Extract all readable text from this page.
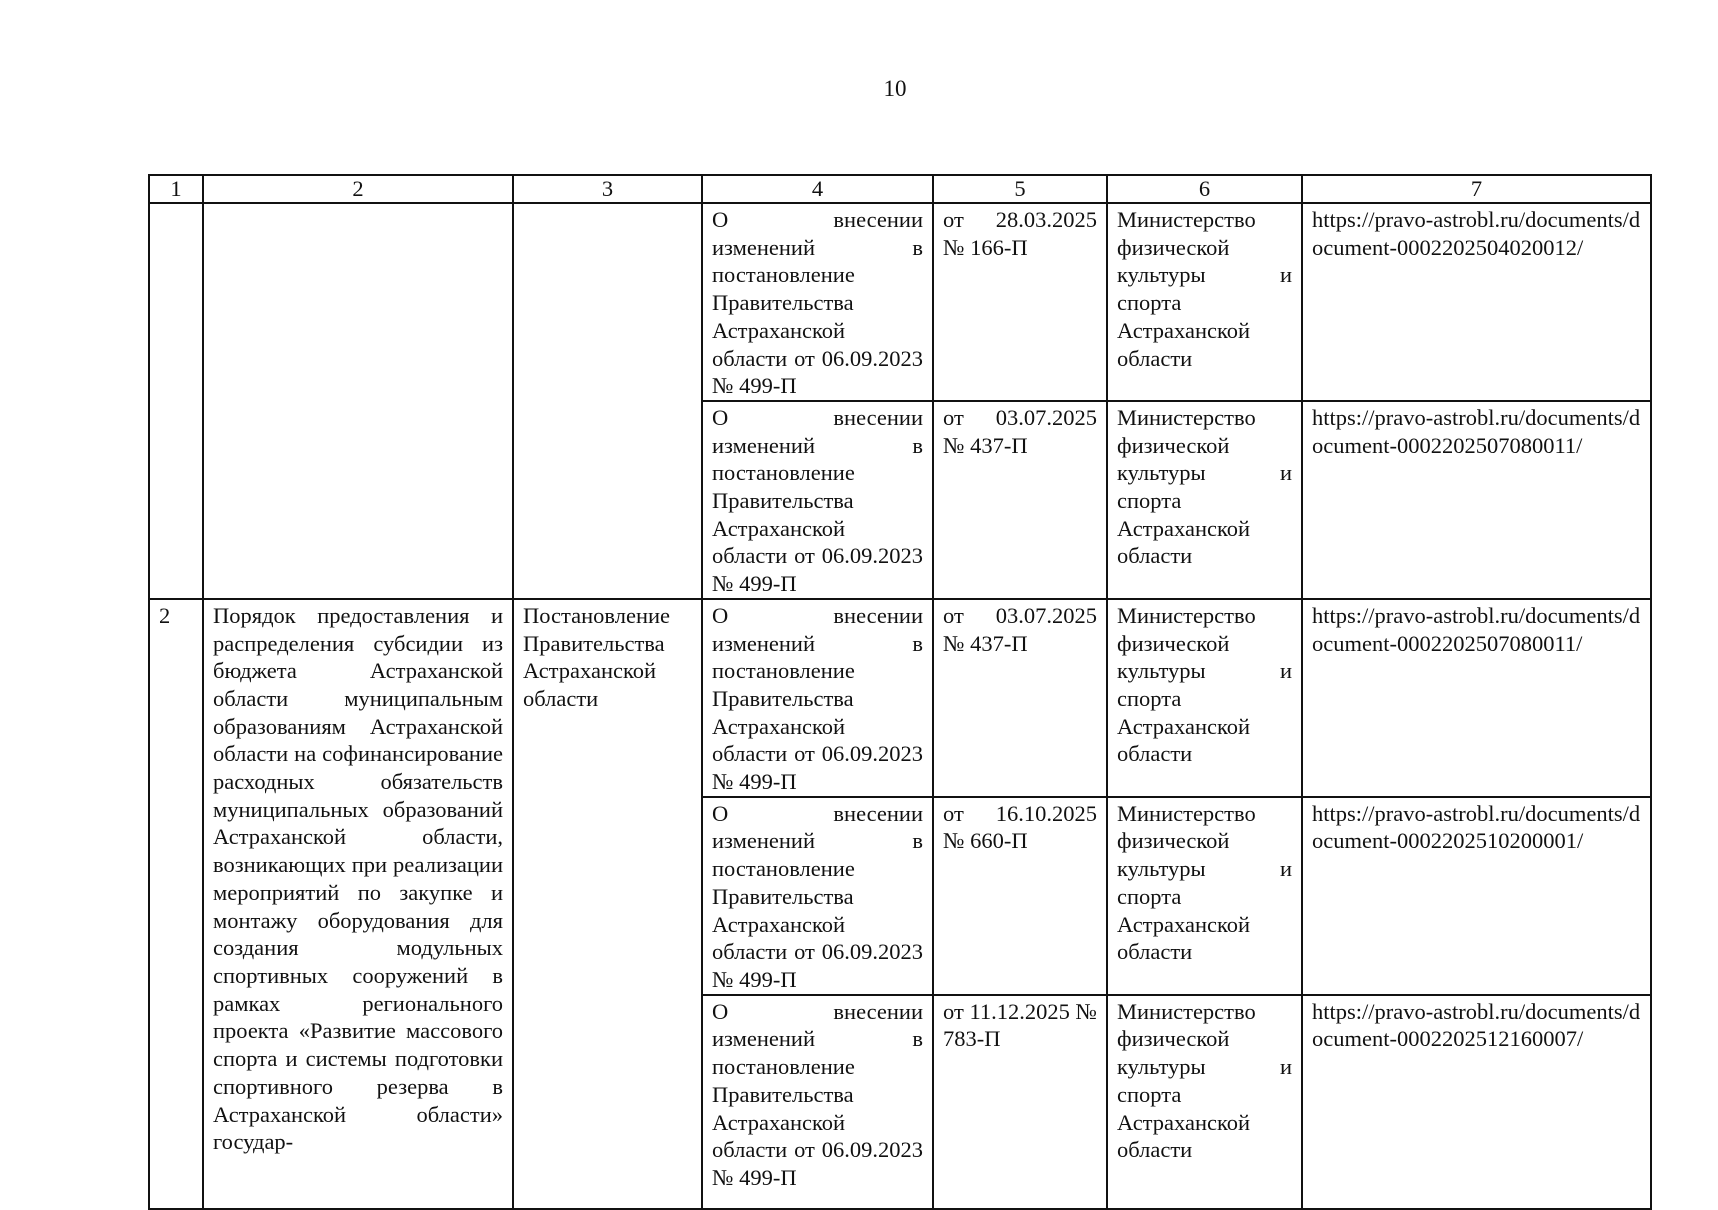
10
1	2	3	4	5	6	7
			О внесении изменений в постановление Правительства Астраханской области от 06.09.2023 № 499-П	от 28.03.2025 № 166-П	Министерство физической культуры и спорта Астраханской области	https://pravo-astrobl.ru/documents/document-0002202504020012/
			О внесении изменений в постановление Правительства Астраханской области от 06.09.2023 № 499-П	от 03.07.2025 № 437-П	Министерство физической культуры и спорта Астраханской области	https://pravo-astrobl.ru/documents/document-0002202507080011/
2	Порядок предоставления и распределения субсидии из бюджета Астраханской области муниципальным образованиям Астраханской области на софинансирование расходных обязательств муниципальных образований Астраханской области, возникающих при реализации мероприятий по закупке и монтажу оборудования для создания модульных спортивных сооружений в рамках регионального проекта «Развитие массового спорта и системы подготовки спортивного резерва в Астраханской области» государ-	Постановление Правительства Астраханской области	О внесении изменений в постановление Правительства Астраханской области от 06.09.2023 № 499-П	от 03.07.2025 № 437-П	Министерство физической культуры и спорта Астраханской области	https://pravo-astrobl.ru/documents/document-0002202507080011/
			О внесении изменений в постановление Правительства Астраханской области от 06.09.2023 № 499-П	от 16.10.2025 № 660-П	Министерство физической культуры и спорта Астраханской области	https://pravo-astrobl.ru/documents/document-0002202510200001/
			О внесении изменений в постановление Правительства Астраханской области от 06.09.2023 № 499-П	от 11.12.2025 № 783-П	Министерство физической культуры и спорта Астраханской области	https://pravo-astrobl.ru/documents/document-0002202512160007/
